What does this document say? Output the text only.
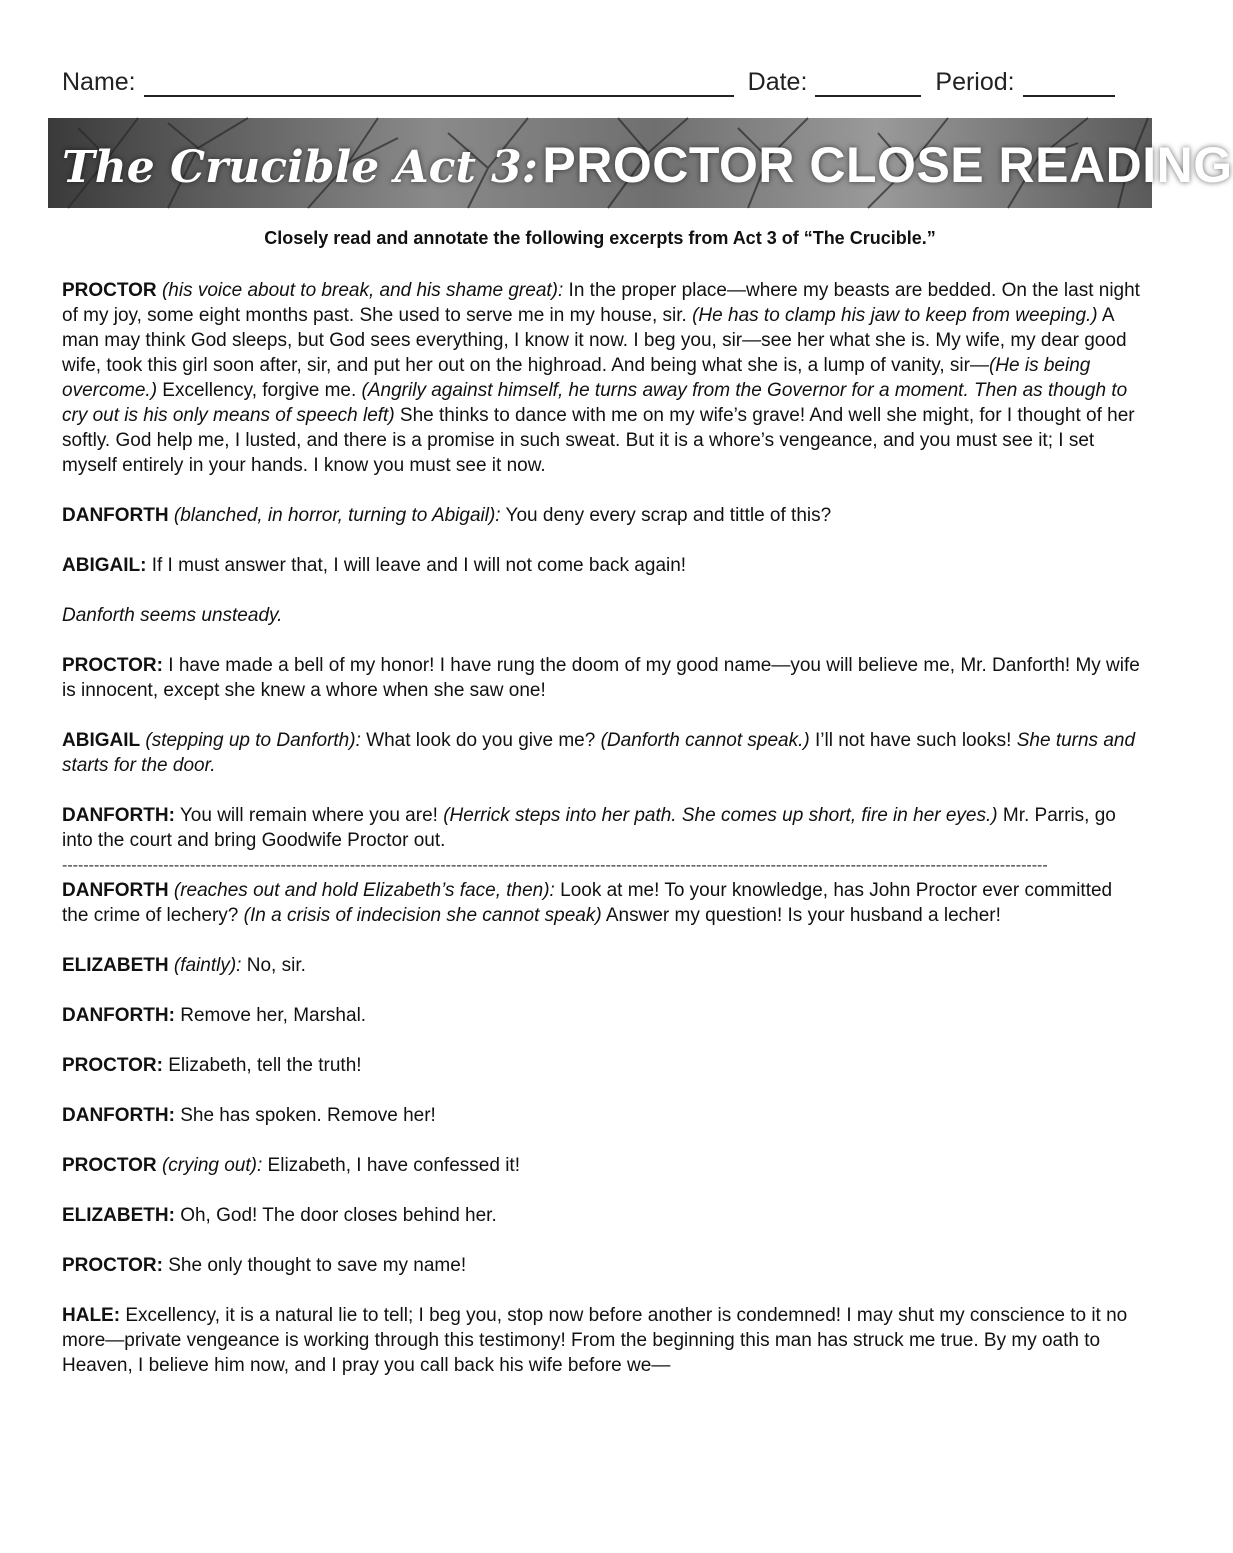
Name:	Date:	Period:
The Crucible Act 3: PROCTOR CLOSE READING
Closely read and annotate the following excerpts from Act 3 of “The Crucible.”

PROCTOR (his voice about to break, and his shame great): In the proper place—where my beasts are bedded. On the last night of my joy, some eight months past. She used to serve me in my house, sir. (He has to clamp his jaw to keep from weeping.) A man may think God sleeps, but God sees everything, I know it now. I beg you, sir—see her what she is. My wife, my dear good wife, took this girl soon after, sir, and put her out on the highroad. And being what she is, a lump of vanity, sir—(He is being overcome.) Excellency, forgive me. (Angrily against himself, he turns away from the Governor for a moment. Then as though to cry out is his only means of speech left) She thinks to dance with me on my wife’s grave! And well she might, for I thought of her softly. God help me, I lusted, and there is a promise in such sweat. But it is a whore’s vengeance, and you must see it; I set myself entirely in your hands. I know you must see it now.

DANFORTH (blanched, in horror, turning to Abigail): You deny every scrap and tittle of this?

ABIGAIL: If I must answer that, I will leave and I will not come back again!

Danforth seems unsteady.

PROCTOR: I have made a bell of my honor! I have rung the doom of my good name—you will believe me, Mr. Danforth! My wife is innocent, except she knew a whore when she saw one!

ABIGAIL (stepping up to Danforth): What look do you give me? (Danforth cannot speak.) I’ll not have such looks! She turns and starts for the door.

DANFORTH: You will remain where you are! (Herrick steps into her path. She comes up short, fire in her eyes.) Mr. Parris, go into the court and bring Goodwife Proctor out.

-----------------------------------------------------------------------------------------------------------------------------------------------------------------------------------------

DANFORTH (reaches out and hold Elizabeth’s face, then): Look at me! To your knowledge, has John Proctor ever committed the crime of lechery? (In a crisis of indecision she cannot speak) Answer my question! Is your husband a lecher!

ELIZABETH (faintly): No, sir.

DANFORTH: Remove her, Marshal.

PROCTOR: Elizabeth, tell the truth!

DANFORTH: She has spoken. Remove her!

PROCTOR (crying out): Elizabeth, I have confessed it!

ELIZABETH: Oh, God! The door closes behind her.

PROCTOR: She only thought to save my name!

HALE: Excellency, it is a natural lie to tell; I beg you, stop now before another is condemned! I may shut my conscience to it no more—private vengeance is working through this testimony! From the beginning this man has struck me true. By my oath to Heaven, I believe him now, and I pray you call back his wife before we—
